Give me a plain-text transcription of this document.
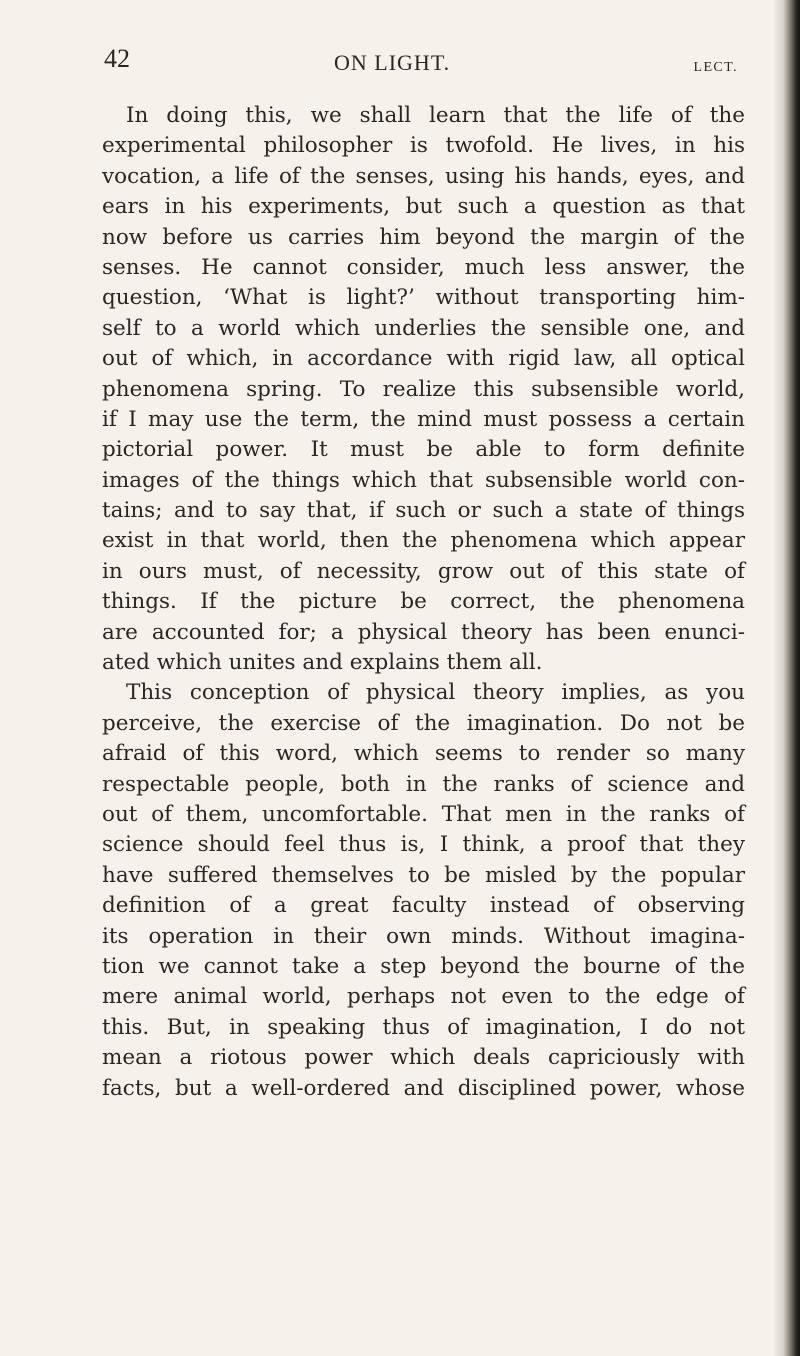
42	ON LIGHT.	LECT.
In doing this, we shall learn that the life of the
experimental philosopher is twofold. He lives, in his
vocation, a life of the senses, using his hands, eyes, and
ears in his experiments, but such a question as that
now before us carries him beyond the margin of the
senses. He cannot consider, much less answer, the
question, ‘What is light?’ without transporting him-
self to a world which underlies the sensible one, and
out of which, in accordance with rigid law, all optical
phenomena spring. To realize this subsensible world,
if I may use the term, the mind must possess a certain
pictorial power. It must be able to form definite
images of the things which that subsensible world con-
tains; and to say that, if such or such a state of things
exist in that world, then the phenomena which appear
in ours must, of necessity, grow out of this state of
things. If the picture be correct, the phenomena
are accounted for; a physical theory has been enunci-
ated which unites and explains them all.
This conception of physical theory implies, as you
perceive, the exercise of the imagination. Do not be
afraid of this word, which seems to render so many
respectable people, both in the ranks of science and
out of them, uncomfortable. That men in the ranks of
science should feel thus is, I think, a proof that they
have suffered themselves to be misled by the popular
definition of a great faculty instead of observing
its operation in their own minds. Without imagina-
tion we cannot take a step beyond the bourne of the
mere animal world, perhaps not even to the edge of
this. But, in speaking thus of imagination, I do not
mean a riotous power which deals capriciously with
facts, but a well-ordered and disciplined power, whose
